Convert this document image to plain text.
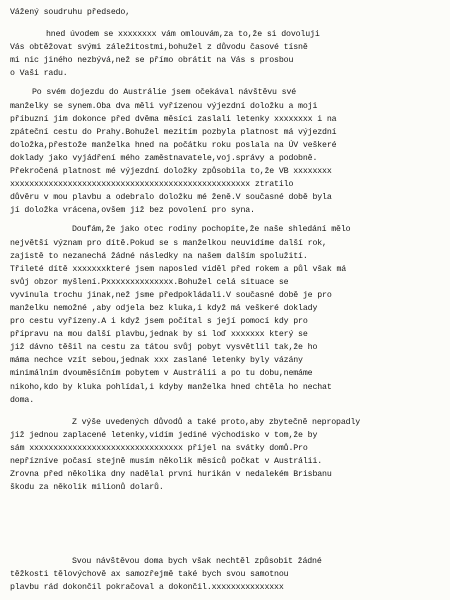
Vážený soudruhu předsedo,
hned úvodem se xxxxxxxx vám omlouvám,za to,že si dovoluji
Vás obtěžovat svými záležitostmi,bohužel z důvodu časové tísně
mi nic jiného nezbývá,než se přímo obrátit na Vás s prosbou
o Vaši radu.
Po svém dojezdu do Austrálie jsem očekával návštěvu své
manželky se synem.Oba dva měli vyřízenou výjezdní doložku a moji
příbuzní jim dokonce před dvěma měsíci zaslali letenky xxxxxxxx i na
zpáteční cestu do Prahy.Bohužel mezitím pozbyla platnost má výjezdní
doložka,přestože manželka hned na počátku roku poslala na ÚV veškeré
doklady jako vyjádření mého zaměstnavatele,voj.správy a podobně.
Překročená platnost mé výjezdní doložky způsobila to,že VB xxxxxxxx
xxxxxxxxxxxxxxxxxxxxxxxxxxxxxxxxxxxxxxxxxxxxxxxxxx ztratilo
důvěru v mou plavbu a odebralo doložku mé ženě.V současné době byla
jí doložka vrácena,ovšem již bez povolení pro syna.
Doufám,že jako otec rodiny pochopíte,že naše shledání mělo
největší význam pro dítě.Pokud se s manželkou neuvidíme další rok,
zajistě to nezanechá žádné následky na našem dalším spolužití.
Třileté dítě xxxxxxxkteré jsem naposled viděl před rokem a půl však má
svůj obzor myšlení.Pxxxxxxxxxxxxxx.Bohužel celá situace se
vyvinula trochu jinak,než jsme předpokládali.V současné době je pro
manželku nemožné ,aby odjela bez kluka,i když má veškeré doklady
pro cestu vyřízeny.A i když jsem počítal s její pomocí kdy pro
přípravu na mou další plavbu,jednak by si loď xxxxxxx který se
již dávno těšil na cestu za tátou svůj pobyt vysvětlil tak,že ho
máma nechce vzít sebou,jednak xxx zaslané letenky byly vázány
minimálním dvouměsíčním pobytem v Austrálii a po tu dobu,nemáme
nikoho,kdo by kluka pohlídal,i kdyby manželka hned chtěla ho nechat
doma.
Z výše uvedených důvodů a také proto,aby zbytečně nepropadly
již jednou zaplacené letenky,vidím jediné východisko v tom,že by
sám xxxxxxxxxxxxxxxxxxxxxxxxxxxxxxxx přijel na svátky domů.Pro
nepřízníve počasí stejně musím několik měsíců počkat v Austrálii.
Zrovna před několika dny nadělal první hurikán v nedalekém Brisbanu
škodu za několik milionů dolarů.
Svou návštěvou doma bych však nechtěl způsobit žádné
těžkosti tělovýchově ax samozřejmě také bych svou samotnou
plavbu rád dokončil pokračoval a dokončil.xxxxxxxxxxxxxxx
